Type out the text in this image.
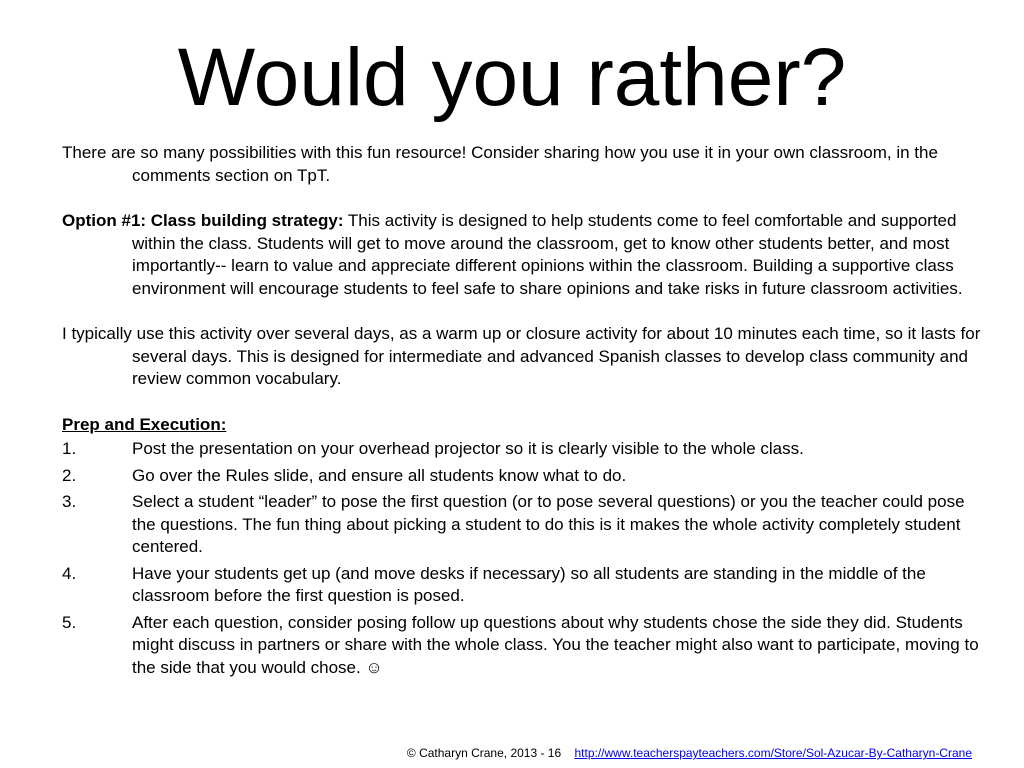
Would you rather?

There are so many possibilities with this fun resource! Consider sharing how you use it in your own classroom, in the comments section on TpT.

Option #1: Class building strategy: This activity is designed to help students come to feel comfortable and supported within the class. Students will get to move around the classroom, get to know other students better, and most importantly-- learn to value and appreciate different opinions within the classroom. Building a supportive class environment will encourage students to feel safe to share opinions and take risks in future classroom activities.

I typically use this activity over several days, as a warm up or closure activity for about 10 minutes each time, so it lasts for several days. This is designed for intermediate and advanced Spanish classes to develop class community and review common vocabulary.

Prep and Execution:

1.	Post the presentation on your overhead projector so it is clearly visible to the whole class.
2.	Go over the Rules slide, and ensure all students know what to do.
3.	Select a student “leader” to pose the first question (or to pose several questions) or you the teacher could pose the questions. The fun thing about picking a student to do this is it makes the whole activity completely student centered.
4.	Have your students get up (and move desks if necessary) so all students are standing in the middle of the classroom before the first question is posed.
5.	After each question, consider posing follow up questions about why students chose the side they did. Students might discuss in partners or share with the whole class. You the teacher might also want to participate, moving to the side that you would chose. ☺
© Catharyn Crane, 2013 - 16 http://www.teacherspayteachers.com/Store/Sol-Azucar-By-Catharyn-Crane
